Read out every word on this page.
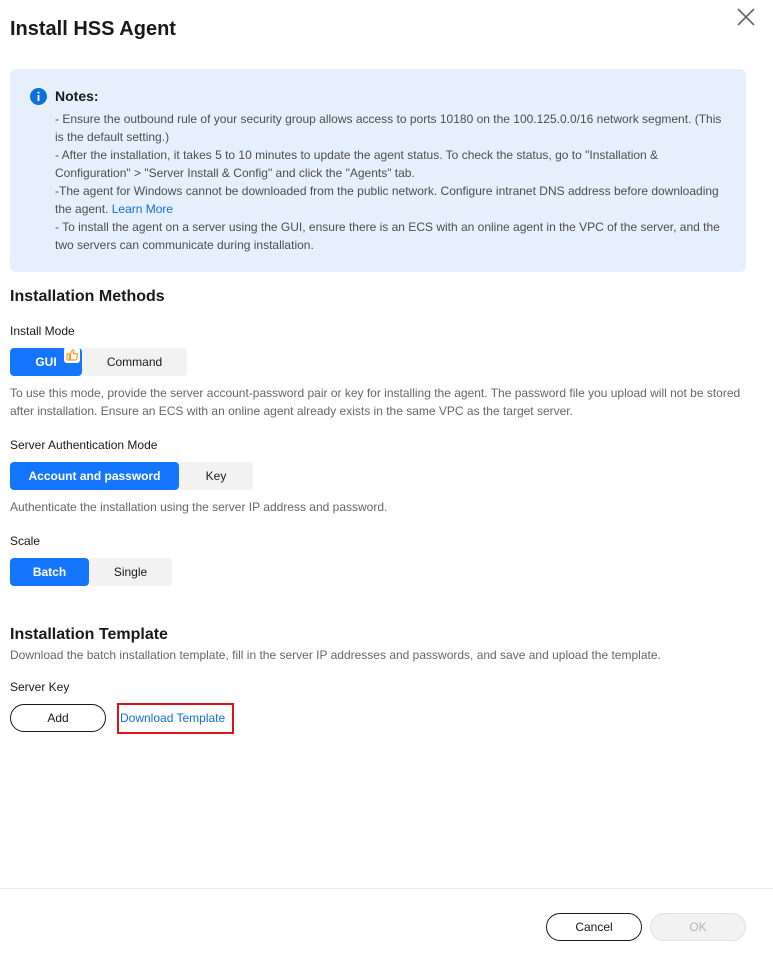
Install HSS Agent
Notes:

- Ensure the outbound rule of your security group allows access to ports 10180 on the 100.125.0.0/16 network segment. (This is the default setting.)

- After the installation, it takes 5 to 10 minutes to update the agent status. To check the status, go to "Installation & Configuration" > "Server Install & Config" and click the "Agents" tab.

-The agent for Windows cannot be downloaded from the public network. Configure intranet DNS address before downloading the agent. Learn More

- To install the agent on a server using the GUI, ensure there is an ECS with an online agent in the VPC of the server, and the two servers can communicate during installation.

Installation Methods
Install Mode
GUI	Command
To use this mode, provide the server account-password pair or key for installing the agent. The password file you upload will not be stored after installation. Ensure an ECS with an online agent already exists in the same VPC as the target server.
Server Authentication Mode
Account and password	Key
Authenticate the installation using the server IP address and password.
Scale
Batch	Single
Installation Template
Download the batch installation template, fill in the server IP addresses and passwords, and save and upload the template.
Server Key
Add	Download Template
Cancel	OK
